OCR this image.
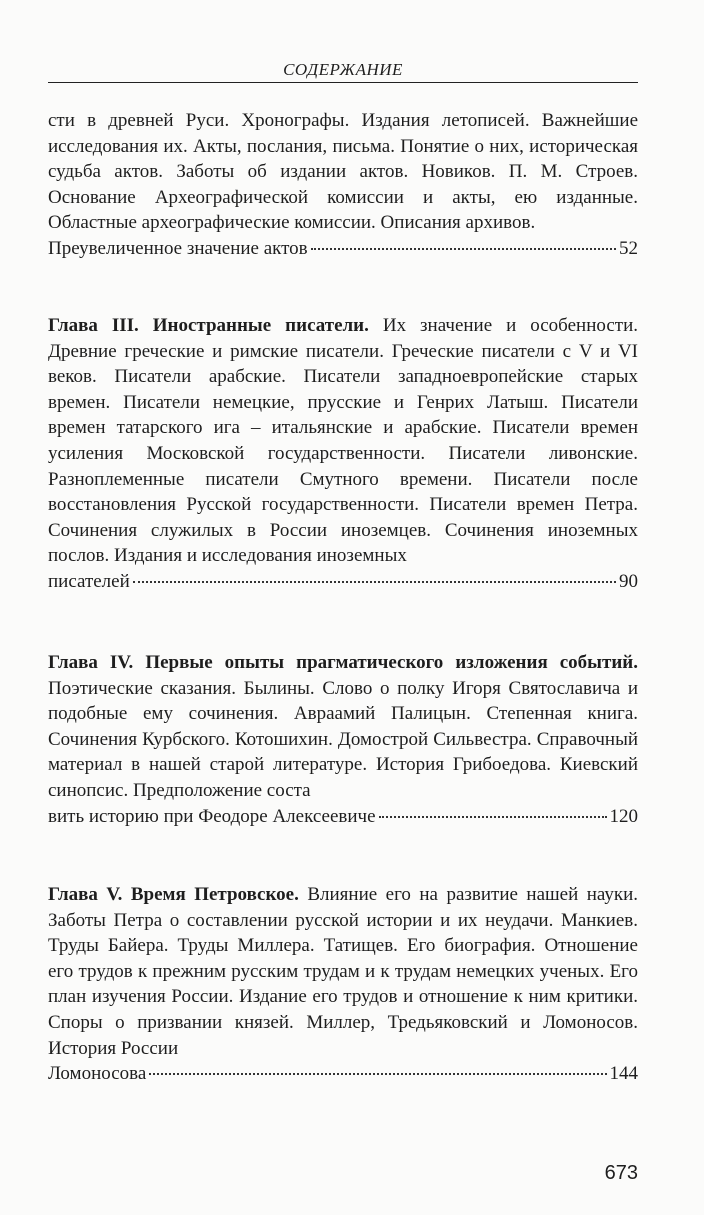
СОДЕРЖАНИЕ
сти в древней Руси. Хронографы. Издания летописей. Важнейшие исследования их. Акты, послания, письма. Понятие о них, историческая судьба актов. Заботы об издании актов. Новиков. П. М. Строев. Основание Археографической комиссии и акты, ею изданные. Областные археографические комиссии. Описания архивов.
Преувеличенное значение актов	52
Глава III. Иностранные писатели. Их значение и особенности. Древние греческие и римские писатели. Греческие писатели с V и VI веков. Писатели арабские. Писатели западноевропейские старых времен. Писатели немецкие, прусские и Генрих Латыш. Писатели времен татарского ига – итальянские и арабские. Писатели времен усиления Московской государственности. Писатели ливонские. Разноплеменные писатели Смутного времени. Писатели после восстановления Русской государственности. Писатели времен Петра. Сочинения служилых в России иноземцев. Сочинения иноземных послов. Издания и исследования иноземных
писателей	90
Глава IV. Первые опыты прагматического изложения событий. Поэтические сказания. Былины. Слово о полку Игоря Святославича и подобные ему сочинения. Авраамий Палицын. Степенная книга. Сочинения Курбского. Котошихин. Домострой Сильвестра. Справочный материал в нашей старой литературе. История Грибоедова. Киевский синопсис. Предположение соста
вить историю при Феодоре Алексеевиче	120
Глава V. Время Петровское. Влияние его на развитие нашей науки. Заботы Петра о составлении русской истории и их неудачи. Манкиев. Труды Байера. Труды Миллера. Татищев. Его биография. Отношение его трудов к прежним русским трудам и к трудам немецких ученых. Его план изучения России. Издание его трудов и отношение к ним критики. Споры о призвании князей. Миллер, Тредьяковский и Ломоносов. История России
Ломоносова	144
673
